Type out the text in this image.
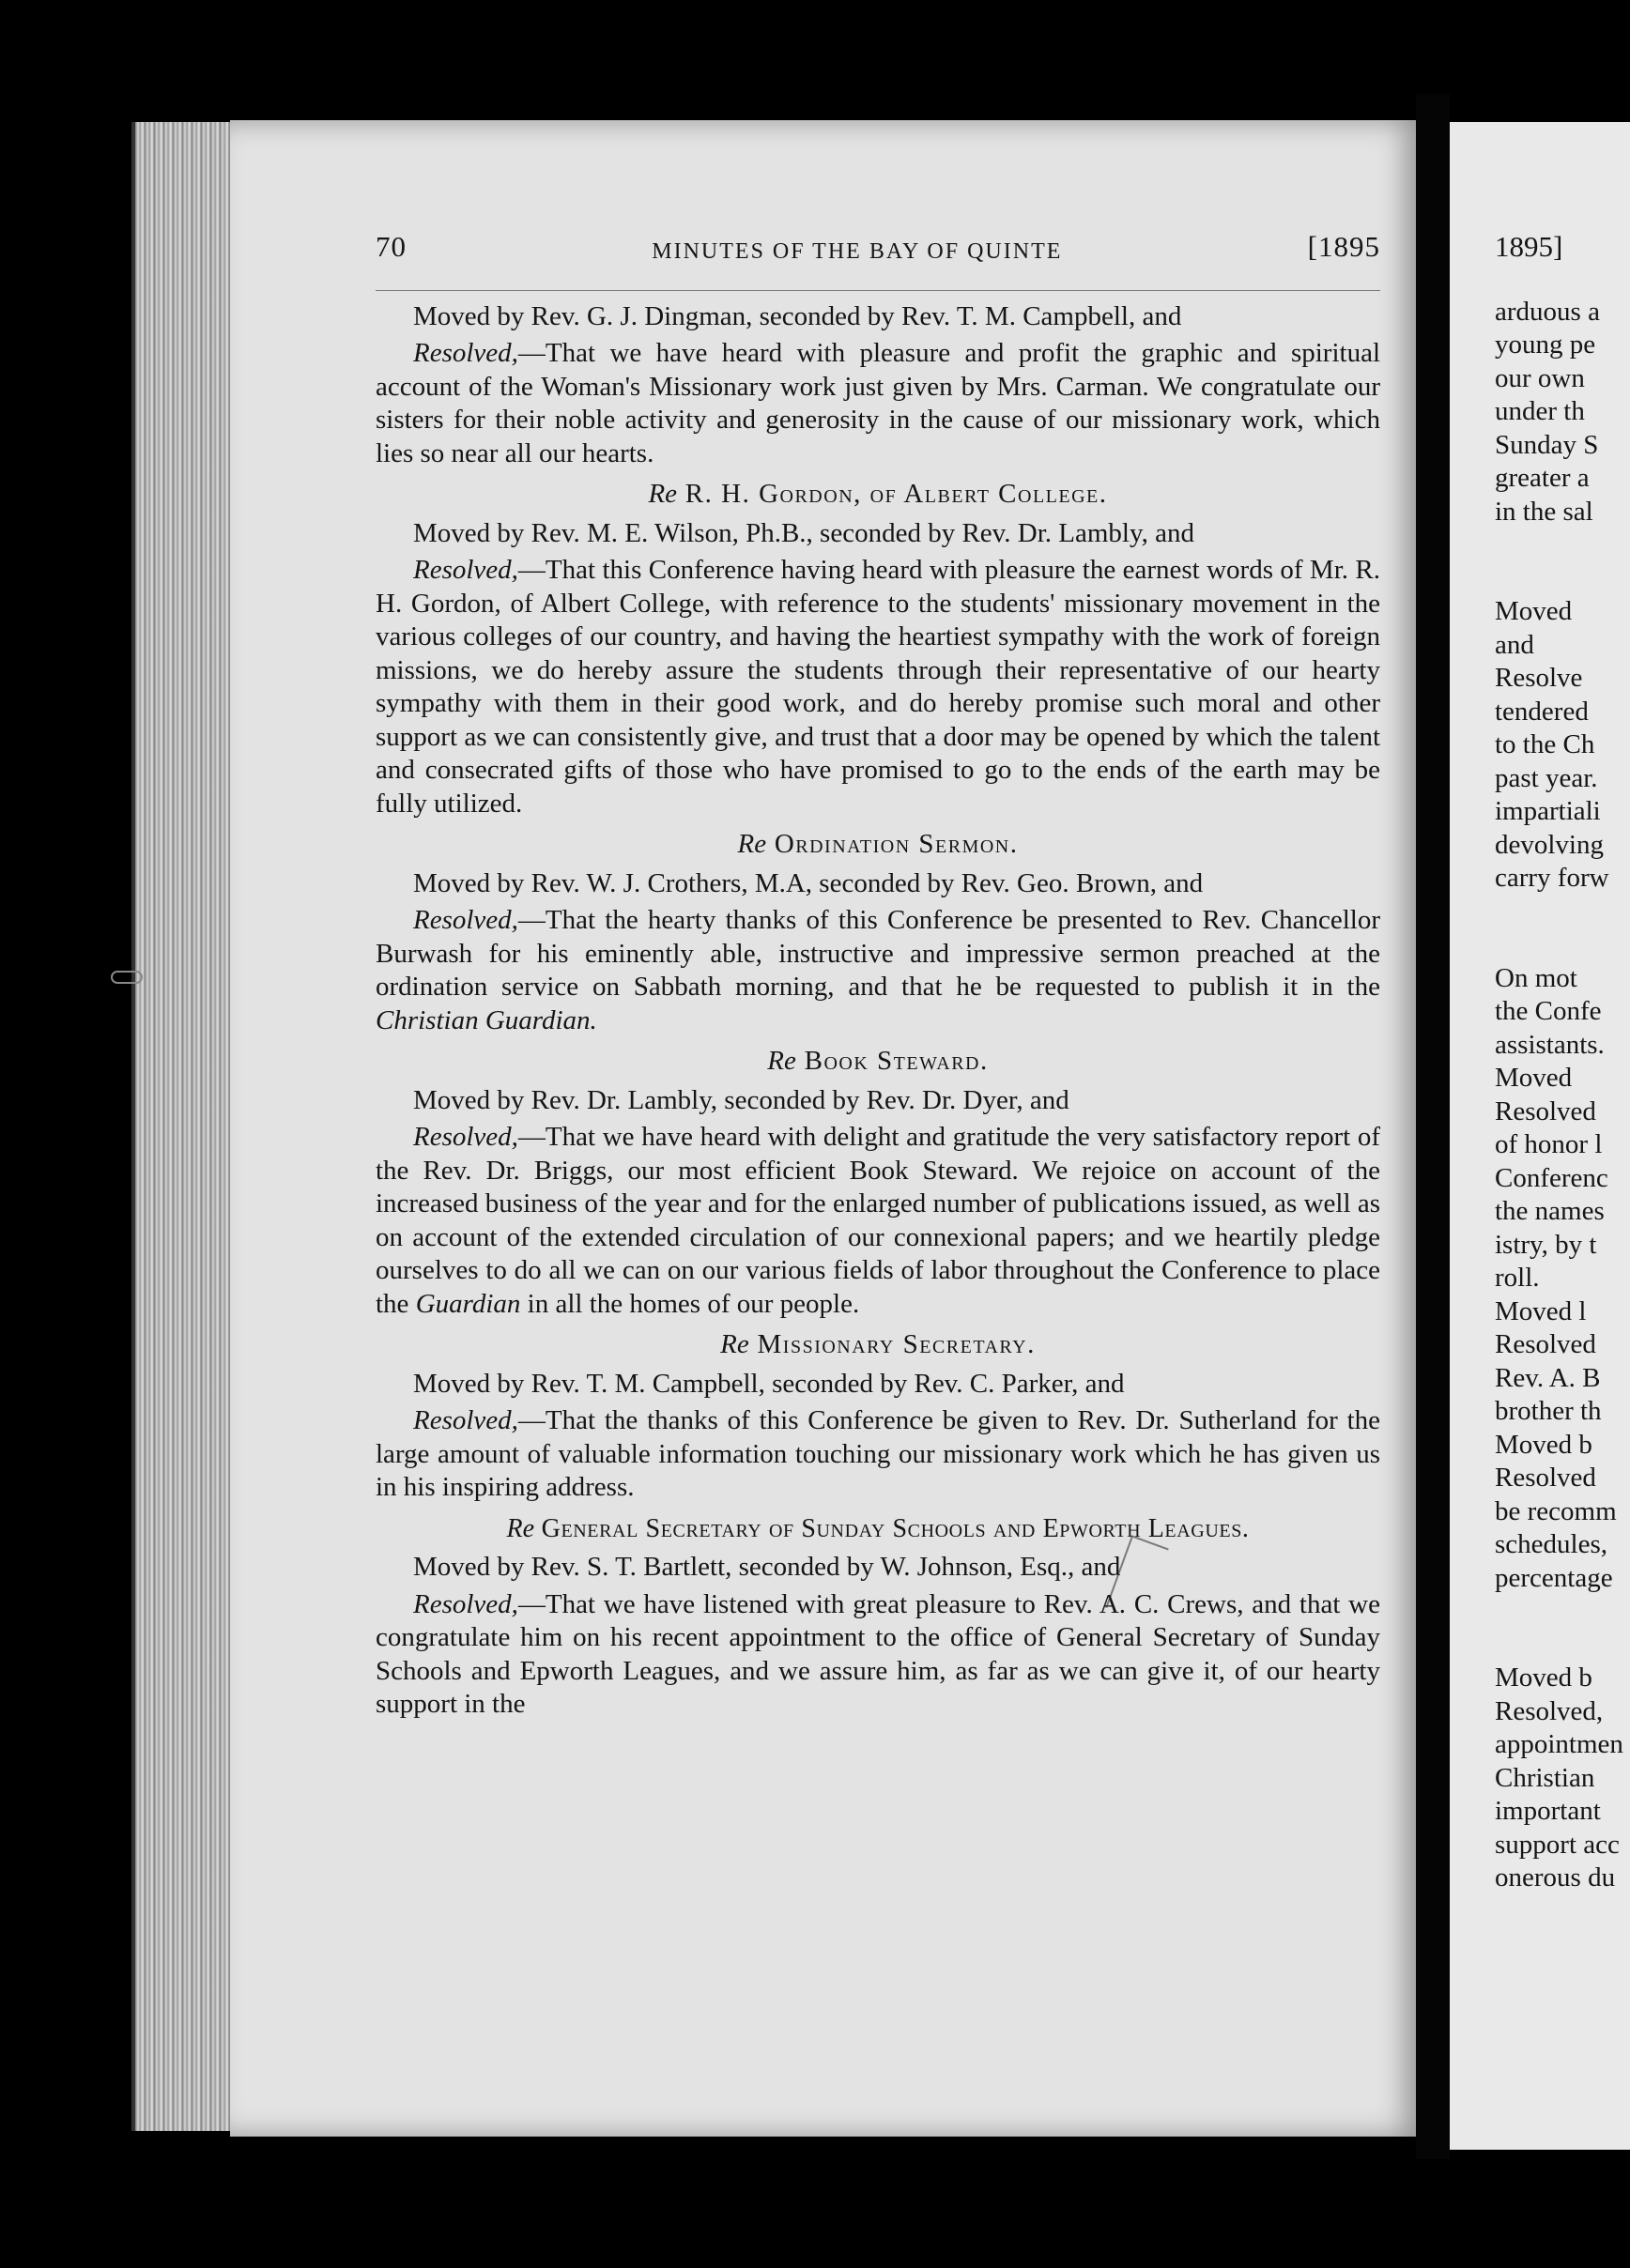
70	MINUTES OF THE BAY OF QUINTE	[1895

Moved by Rev. G. J. Dingman, seconded by Rev. T. M. Campbell, and

Resolved,—That we have heard with pleasure and profit the graphic and spiritual account of the Woman's Missionary work just given by Mrs. Carman. We congratulate our sisters for their noble activity and generosity in the cause of our missionary work, which lies so near all our hearts.

Re R. H. Gordon, of Albert College.

Moved by Rev. M. E. Wilson, Ph.B., seconded by Rev. Dr. Lambly, and

Resolved,—That this Conference having heard with pleasure the earnest words of Mr. R. H. Gordon, of Albert College, with reference to the students' missionary movement in the various colleges of our country, and having the heartiest sympathy with the work of foreign missions, we do hereby assure the students through their representative of our hearty sympathy with them in their good work, and do hereby promise such moral and other support as we can consistently give, and trust that a door may be opened by which the talent and consecrated gifts of those who have promised to go to the ends of the earth may be fully utilized.

Re Ordination Sermon.

Moved by Rev. W. J. Crothers, M.A, seconded by Rev. Geo. Brown, and

Resolved,—That the hearty thanks of this Conference be presented to Rev. Chancellor Burwash for his eminently able, instructive and impressive sermon preached at the ordination service on Sabbath morning, and that he be requested to publish it in the Christian Guardian.

Re Book Steward.

Moved by Rev. Dr. Lambly, seconded by Rev. Dr. Dyer, and

Resolved,—That we have heard with delight and gratitude the very satisfactory report of the Rev. Dr. Briggs, our most efficient Book Steward. We rejoice on account of the increased business of the year and for the enlarged number of publications issued, as well as on account of the extended circulation of our connexional papers; and we heartily pledge ourselves to do all we can on our various fields of labor throughout the Conference to place the Guardian in all the homes of our people.

Re Missionary Secretary.

Moved by Rev. T. M. Campbell, seconded by Rev. C. Parker, and

Resolved,—That the thanks of this Conference be given to Rev. Dr. Sutherland for the large amount of valuable information touching our missionary work which he has given us in his inspiring address.

Re General Secretary of Sunday Schools and Epworth Leagues.

Moved by Rev. S. T. Bartlett, seconded by W. Johnson, Esq., and

Resolved,—That we have listened with great pleasure to Rev. A. C. Crews, and that we congratulate him on his recent appointment to the office of General Secretary of Sunday Schools and Epworth Leagues, and we assure him, as far as we can give it, of our hearty support in the

1895]
arduous a
young pe
our own
under th
Sunday S
greater a
in the sal
Moved
and
Resolve
tendered
to the Ch
past year.
impartiali
devolving
carry forw
On mot
the Confe
assistants.
Moved
Resolved
of honor l
Conferenc
the names
istry, by t
roll.
Moved l
Resolved
Rev. A. B
brother th
Moved b
Resolved
be recomm
schedules,
percentage
Moved b
Resolved,
appointmen
Christian
important
support acc
onerous du
